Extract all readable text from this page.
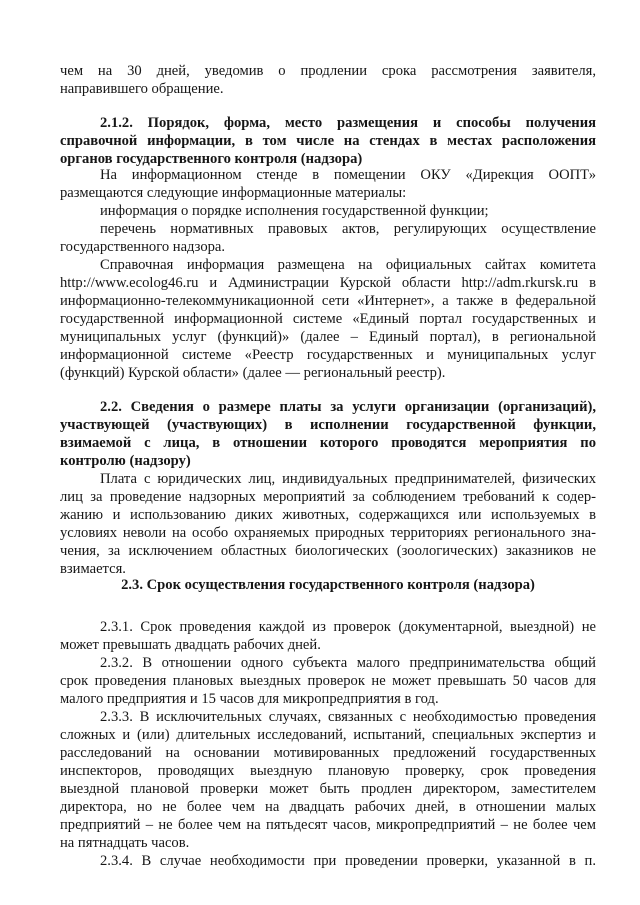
чем на 30 дней, уведомив о продлении срока рассмотрения заявителя,
направившего обращение.
2.1.2. Порядок, форма, место размещения и способы получения
справочной информации, в том числе на стендах в местах расположения
органов государственного контроля (надзора)
На информационном стенде в помещении ОКУ «Дирекция ООПТ»
размещаются следующие информационные материалы:
информация о порядке исполнения государственной функции;
перечень нормативных правовых актов, регулирующих осуществление
государственного надзора.
Справочная информация размещена на официальных сайтах комитета
http://www.ecolog46.ru и Администрации Курской области http://adm.rkursk.ru в
информационно-телекоммуникационной сети «Интернет», а также в федеральной
государственной информационной системе «Единый портал государственных и
муниципальных услуг (функций)» (далее – Единый портал), в региональной
информационной системе «Реестр государственных и муниципальных услуг
(функций) Курской области» (далее — региональный реестр).
2.2. Сведения о размере платы за услуги организации (организаций),
участвующей (участвующих) в исполнении государственной функции,
взимаемой с лица, в отношении которого проводятся мероприятия по
контролю (надзору)
Плата с юридических лиц, индивидуальных предпринимателей, физических
лиц за проведение надзорных мероприятий за соблюдением требований к содер-
жанию и использованию диких животных, содержащихся или используемых в
условиях неволи на особо охраняемых природных территориях регионального зна-
чения, за исключением областных биологических (зоологических) заказников не
взимается.
2.3. Срок осуществления государственного контроля (надзора)
2.3.1. Срок проведения каждой из проверок (документарной, выездной) не
может превышать двадцать рабочих дней.
2.3.2. В отношении одного субъекта малого предпринимательства общий
срок проведения плановых выездных проверок не может превышать 50 часов для
малого предприятия и 15 часов для микропредприятия в год.
2.3.3. В исключительных случаях, связанных с необходимостью проведения
сложных и (или) длительных исследований, испытаний, специальных экспертиз и
расследований на основании мотивированных предложений государственных
инспекторов, проводящих выездную плановую проверку, срок проведения
выездной плановой проверки может быть продлен директором, заместителем
директора, но не более чем на двадцать рабочих дней, в отношении малых
предприятий – не более чем на пятьдесят часов, микропредприятий – не более чем
на пятнадцать часов.
2.3.4. В случае необходимости при проведении проверки, указанной в п.
